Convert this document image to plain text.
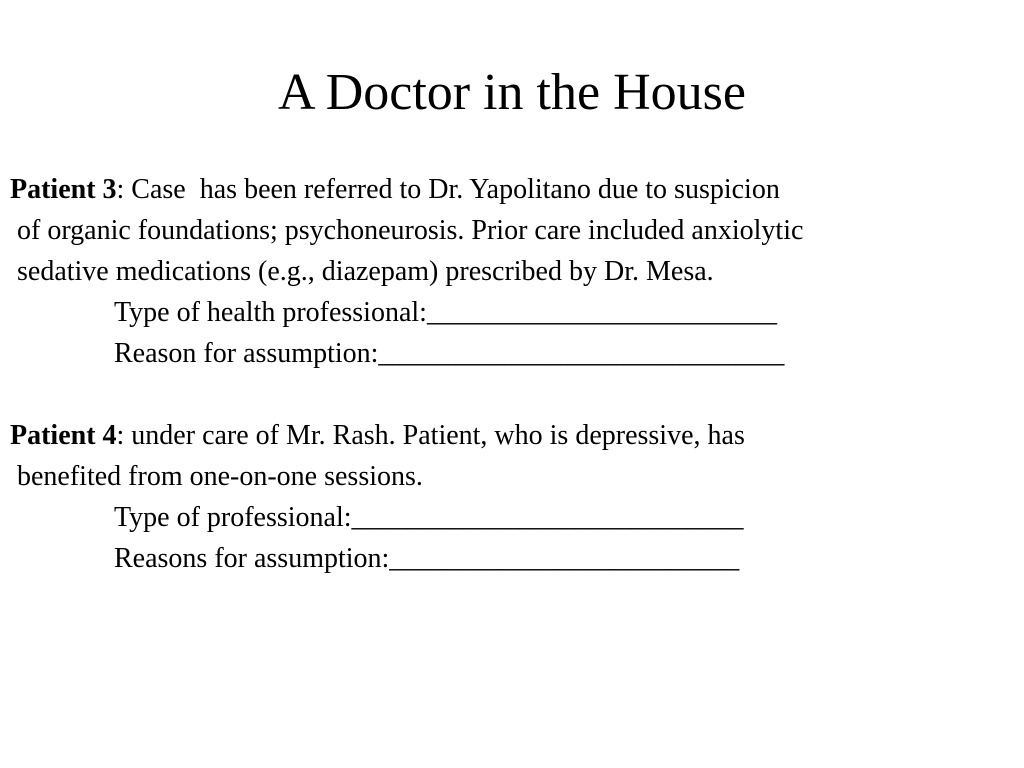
A Doctor in the House
Patient 3: Case  has been referred to Dr. Yapolitano due to suspicion
of organic foundations; psychoneurosis. Prior care included anxiolytic
sedative medications (e.g., diazepam) prescribed by Dr. Mesa.
Type of health professional:_________________________
Reason for assumption:_____________________________
Patient 4: under care of Mr. Rash. Patient, who is depressive, has
benefited from one-on-one sessions.
Type of professional:____________________________
Reasons for assumption:_________________________
